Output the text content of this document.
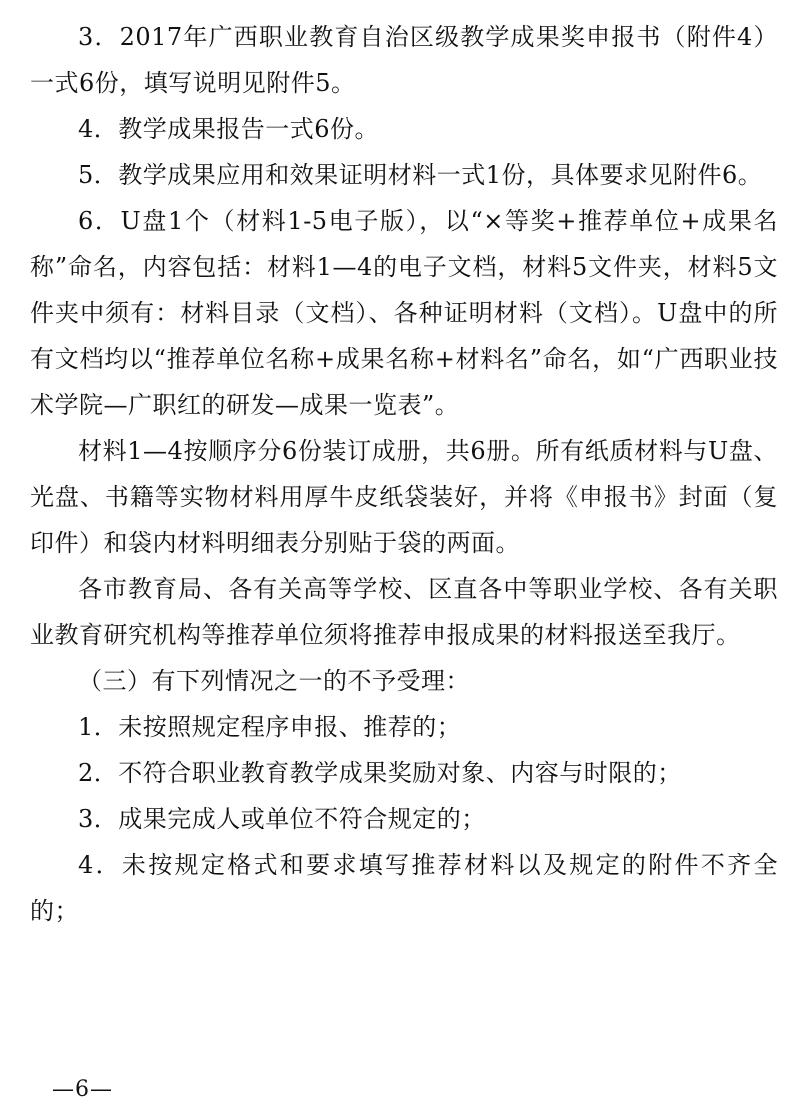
3．2017年广西职业教育自治区级教学成果奖申报书（附件4）一式6份，填写说明见附件5。

4．教学成果报告一式6份。

5．教学成果应用和效果证明材料一式1份，具体要求见附件6。

6．U盘1个（材料1-5电子版），以“×等奖+推荐单位+成果名称”命名，内容包括：材料1—4的电子文档，材料5文件夹，材料5文件夹中须有：材料目录（文档）、各种证明材料（文档）。U盘中的所有文档均以“推荐单位名称+成果名称+材料名”命名，如“广西职业技术学院—广职红的研发—成果一览表”。

材料1—4按顺序分6份装订成册，共6册。所有纸质材料与U盘、光盘、书籍等实物材料用厚牛皮纸袋装好，并将《申报书》封面（复印件）和袋内材料明细表分别贴于袋的两面。

各市教育局、各有关高等学校、区直各中等职业学校、各有关职业教育研究机构等推荐单位须将推荐申报成果的材料报送至我厅。

（三）有下列情况之一的不予受理：

1．未按照规定程序申报、推荐的；

2．不符合职业教育教学成果奖励对象、内容与时限的；

3．成果完成人或单位不符合规定的；

4．未按规定格式和要求填写推荐材料以及规定的附件不齐全的；

—6—
